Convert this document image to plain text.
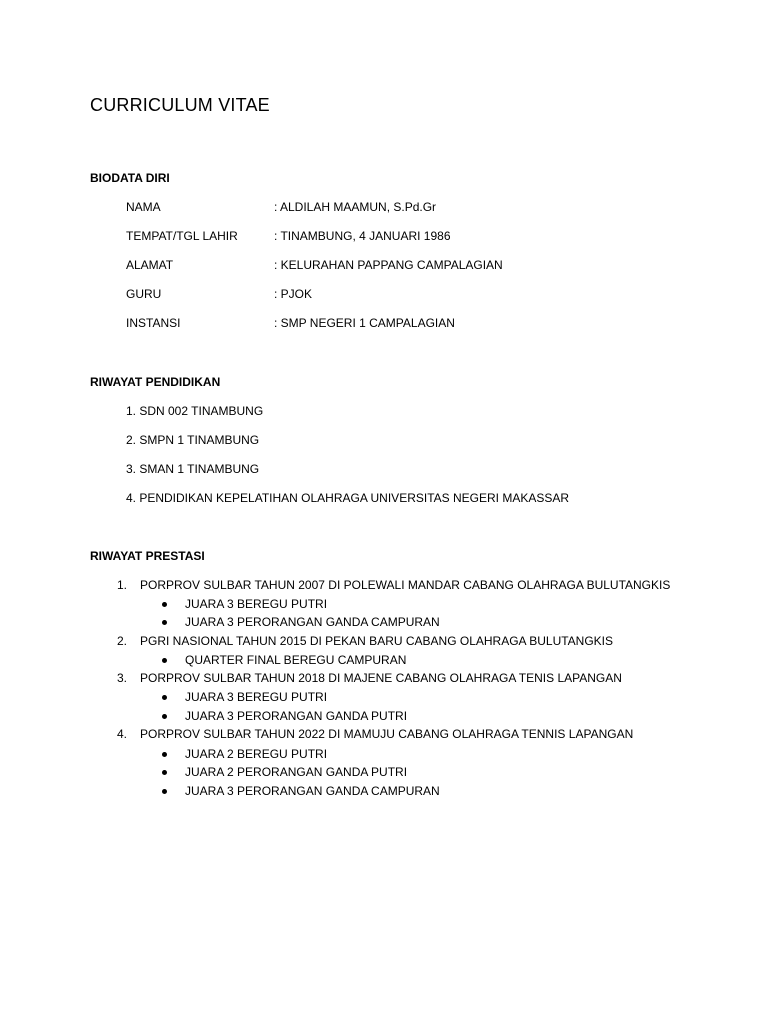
CURRICULUM VITAE
BIODATA DIRI
NAMA	: ALDILAH MAAMUN, S.Pd.Gr
TEMPAT/TGL LAHIR	: TINAMBUNG, 4 JANUARI 1986
ALAMAT	: KELURAHAN PAPPANG CAMPALAGIAN
GURU	: PJOK
INSTANSI	: SMP NEGERI 1 CAMPALAGIAN
RIWAYAT PENDIDIKAN
1. SDN 002 TINAMBUNG
2. SMPN 1 TINAMBUNG
3. SMAN 1 TINAMBUNG
4. PENDIDIKAN KEPELATIHAN OLAHRAGA UNIVERSITAS NEGERI MAKASSAR
RIWAYAT PRESTASI
1. PORPROV SULBAR TAHUN 2007 DI POLEWALI MANDAR CABANG OLAHRAGA BULUTANGKIS
JUARA 3 BEREGU PUTRI
JUARA 3 PERORANGAN GANDA CAMPURAN
2. PGRI NASIONAL TAHUN 2015 DI PEKAN BARU CABANG OLAHRAGA BULUTANGKIS
QUARTER FINAL BEREGU CAMPURAN
3. PORPROV SULBAR TAHUN 2018 DI MAJENE CABANG OLAHRAGA TENIS LAPANGAN
JUARA 3 BEREGU PUTRI
JUARA 3 PERORANGAN GANDA PUTRI
4. PORPROV SULBAR TAHUN 2022 DI MAMUJU CABANG OLAHRAGA TENNIS LAPANGAN
JUARA 2 BEREGU PUTRI
JUARA 2 PERORANGAN GANDA PUTRI
JUARA 3 PERORANGAN GANDA CAMPURAN
